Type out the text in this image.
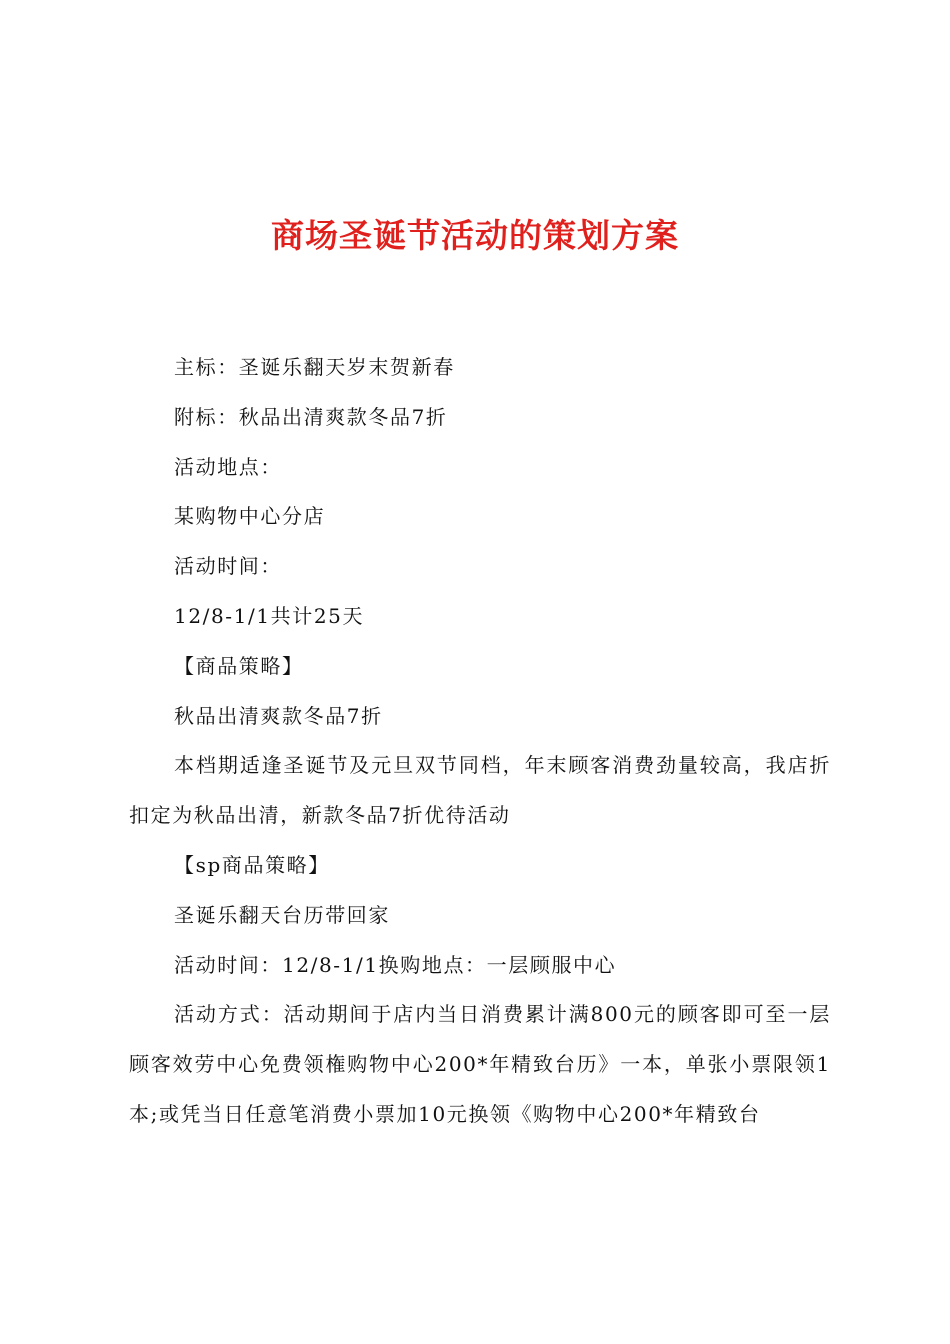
商场圣诞节活动的策划方案

主标：圣诞乐翻天岁末贺新春

附标：秋品出清爽款冬品7折

活动地点：

某购物中心分店

活动时间：

12/8-1/1共计25天

【商品策略】

秋品出清爽款冬品7折

本档期适逢圣诞节及元旦双节同档，年末顾客消费劲量较高，我店折扣定为秋品出清，新款冬品7折优待活动

【sp商品策略】

圣诞乐翻天台历带回家

活动时间：12/8-1/1换购地点：一层顾服中心

活动方式：活动期间于店内当日消费累计满800元的顾客即可至一层顾客效劳中心免费领権购物中心200*年精致台历》一本，单张小票限领1本;或凭当日任意笔消费小票加10元换领《购物中心200*年精致台
